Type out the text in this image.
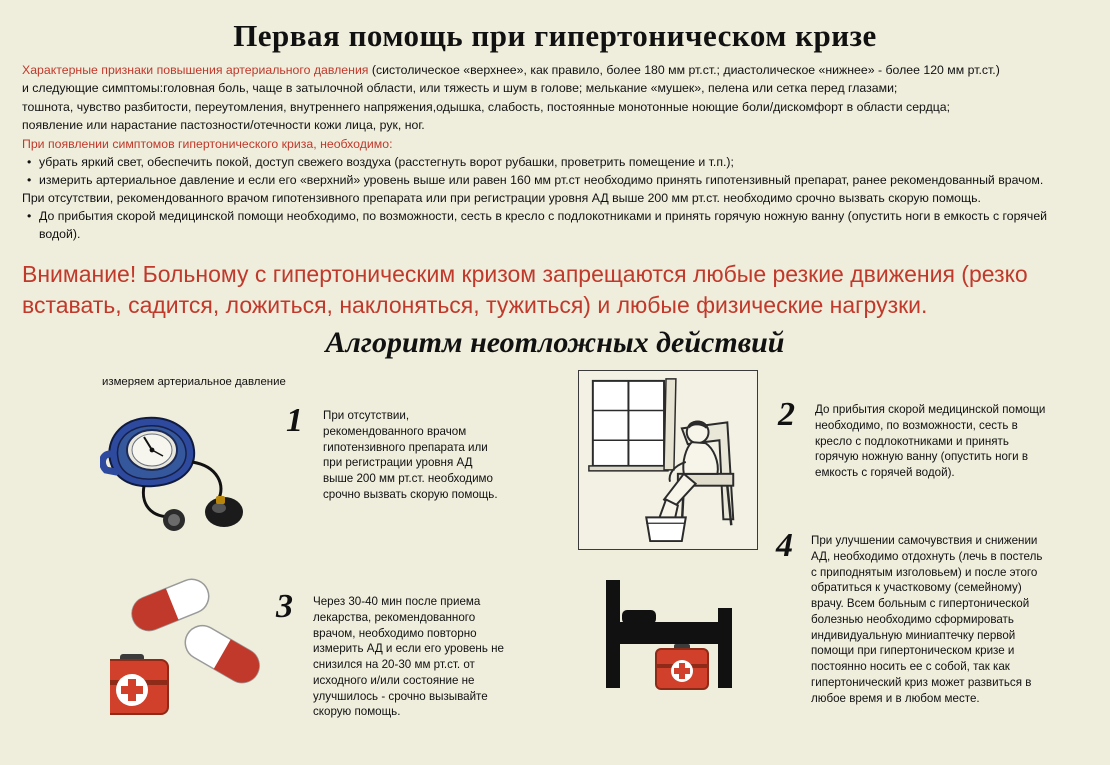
Первая помощь при гипертоническом кризе

Характерные признаки повышения артериального давления (систолическое «верхнее», как правило, более 180 мм рт.ст.; диастолическое «нижнее» - более 120 мм рт.ст.)

и следующие симптомы:головная боль, чаще в затылочной области, или тяжесть и шум в голове; мелькание «мушек», пелена или сетка перед глазами;

тошнота, чувство разбитости, переутомления, внутреннего напряжения,одышка, слабость, постоянные монотонные ноющие боли/дискомфорт в области сердца;

появление или нарастание пастозности/отечности кожи лица, рук, ног.

При появлении симптомов гипертонического криза, необходимо:

• убрать яркий свет, обеспечить покой, доступ свежего воздуха (расстегнуть ворот рубашки, проветрить помещение и т.п.);
• измерить артериальное давление и если его «верхний» уровень выше или равен 160 мм рт.ст необходимо принять гипотензивный препарат, ранее рекомендованный врачом.
При отсутствии, рекомендованного врачом гипотензивного препарата или при регистрации уровня АД выше 200 мм рт.ст. необходимо срочно вызвать скорую помощь.
• До прибытия скорой медицинской помощи необходимо, по возможности, сесть в кресло с подлокотниками и принять горячую ножную ванну (опустить ноги в емкость с горячей водой).
Внимание! Больному с гипертоническим кризом запрещаются любые резкие движения (резко вставать, садится, ложиться, наклоняться, тужиться) и любые физические нагрузки.
Алгоритм неотложных действий
измеряем артериальное давление
1 При отсутствии, рекомендованного врачом гипотензивного препарата или при регистрации уровня АД выше 200 мм рт.ст. необходимо срочно вызвать скорую помощь.
2 До прибытия скорой медицинской помощи необходимо, по возможности, сесть в кресло с подлокотниками и принять горячую ножную ванну (опустить ноги в емкость с горячей водой).
3 Через 30-40 мин после приема лекарства, рекомендованного врачом, необходимо повторно измерить АД и если его уровень не снизился на 20-30 мм рт.ст. от исходного и/или состояние не улучшилось - срочно вызывайте скорую помощь.
4 При улучшении самочувствия и снижении АД, необходимо отдохнуть (лечь в постель с приподнятым изголовьем) и после этого обратиться к участковому (семейному) врачу. Всем больным с гипертонической болезнью необходимо сформировать индивидуальную миниаптечку первой помощи при гипертоническом кризе и постоянно носить ее с собой, так как гипертонический криз может развиться в любое время и в любом месте.
